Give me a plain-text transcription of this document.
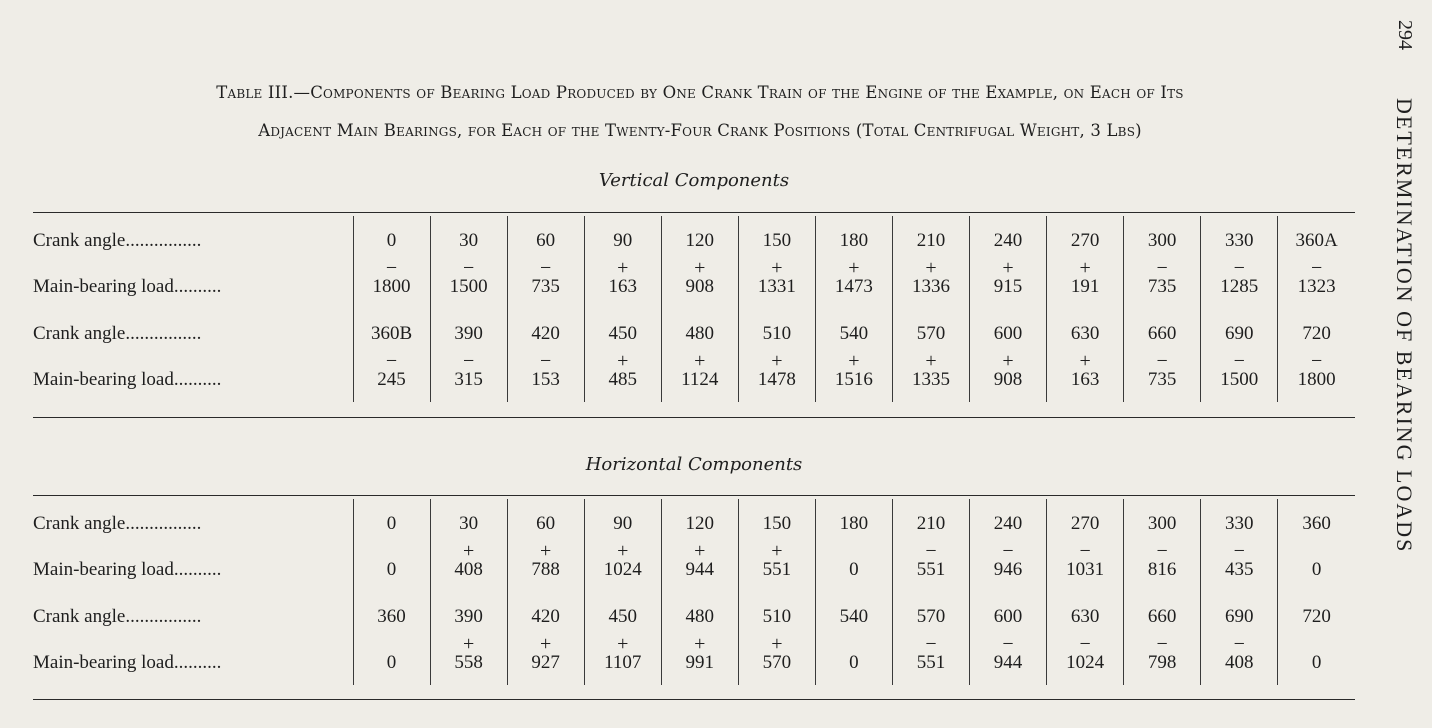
Table III.—Components of Bearing Load Produced by One Crank Train of the Engine of the Example, on Each of Its
Adjacent Main Bearings, for Each of the Twenty-Four Crank Positions (Total Centrifugal Weight, 3 Lbs)
Vertical Components
Crank angle................	0	30	60	90	120	150	180	210	240	270	300	330	360A
	−	−	−	+	+	+	+	+	+	+	−	−	−
Main-bearing load..........	1800	1500	735	163	908	1331	1473	1336	915	191	735	1285	1323
Crank angle................	360B	390	420	450	480	510	540	570	600	630	660	690	720
	−	−	−	+	+	+	+	+	+	+	−	−	−
Main-bearing load..........	245	315	153	485	1124	1478	1516	1335	908	163	735	1500	1800
Horizontal Components
Crank angle................	0	30	60	90	120	150	180	210	240	270	300	330	360
		+	+	+	+	+		−	−	−	−	−	
Main-bearing load..........	0	408	788	1024	944	551	0	551	946	1031	816	435	0
Crank angle................	360	390	420	450	480	510	540	570	600	630	660	690	720
		+	+	+	+	+		−	−	−	−	−	
Main-bearing load..........	0	558	927	1107	991	570	0	551	944	1024	798	408	0
294
DETERMINATION OF BEARING LOADS
